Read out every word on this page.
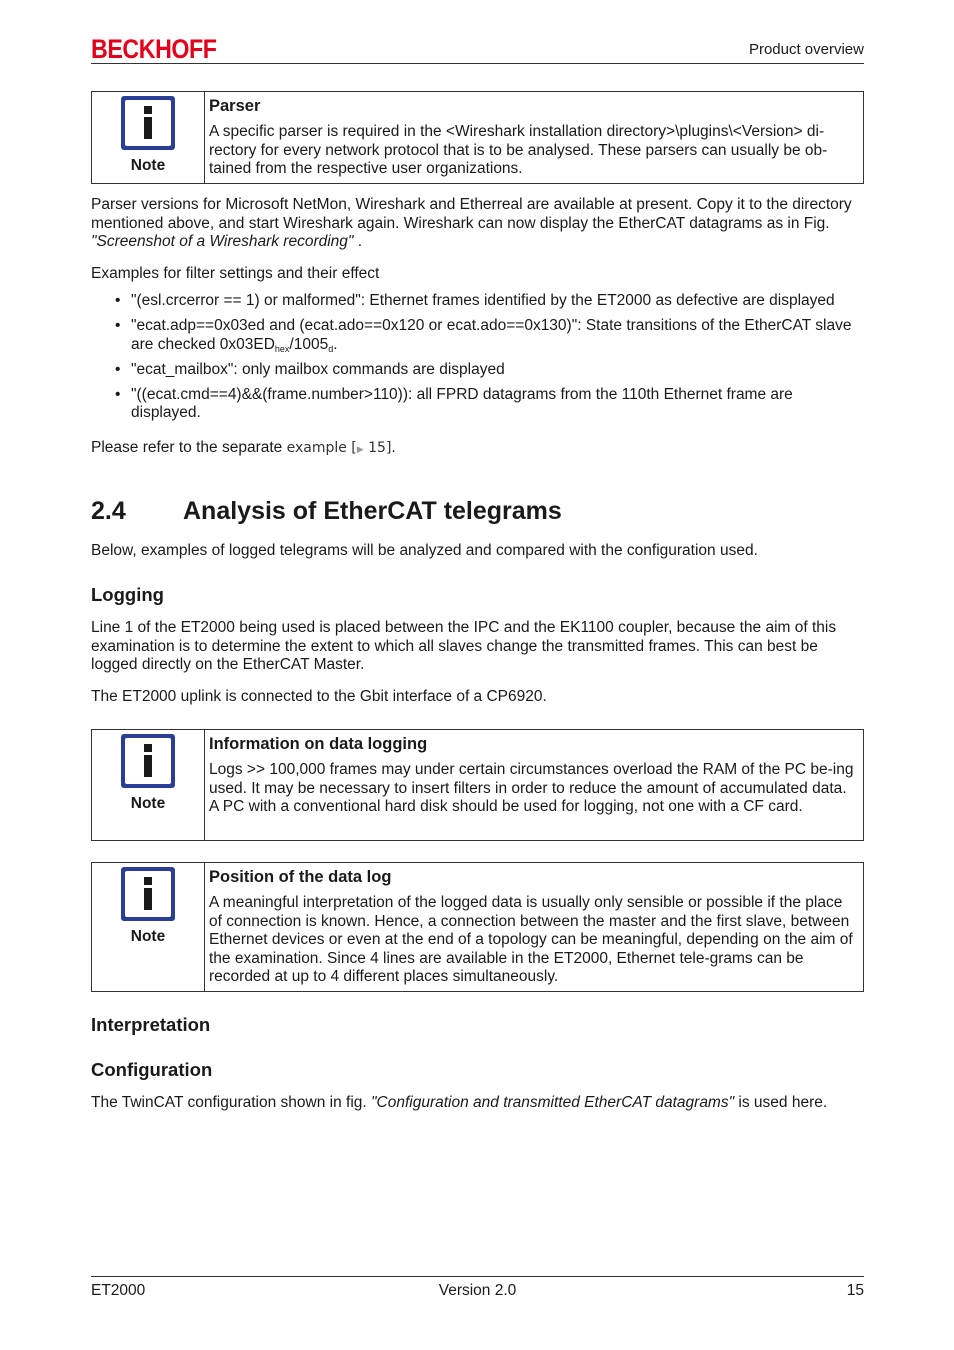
BECKHOFF	Product overview
Note
Parser
A specific parser is required in the <Wireshark installation directory>\plugins\<Version> di-rectory for every network protocol that is to be analysed. These parsers can usually be ob-tained from the respective user organizations.
Parser versions for Microsoft NetMon, Wireshark and Etherreal are available at present. Copy it to the directory mentioned above, and start Wireshark again. Wireshark can now display the EtherCAT datagrams as in Fig. "Screenshot of a Wireshark recording" .
Examples for filter settings and their effect
• "(esl.crcerror == 1) or malformed": Ethernet frames identified by the ET2000 as defective are displayed
• "ecat.adp==0x03ed and (ecat.ado==0x120 or ecat.ado==0x130)": State transitions of the EtherCAT slave are checked $0x03ED_{hex}/1005_d$.
• "ecat_mailbox": only mailbox commands are displayed
• "((ecat.cmd==4)&&(frame.number>110)): all FPRD datagrams from the 110th Ethernet frame are displayed.
Please refer to the separate example [▶ 15].
2.4 Analysis of EtherCAT telegrams
Below, examples of logged telegrams will be analyzed and compared with the configuration used.
Logging
Line 1 of the ET2000 being used is placed between the IPC and the EK1100 coupler, because the aim of this examination is to determine the extent to which all slaves change the transmitted frames. This can best be logged directly on the EtherCAT Master.
The ET2000 uplink is connected to the Gbit interface of a CP6920.
Note
Information on data logging
Logs >> 100,000 frames may under certain circumstances overload the RAM of the PC be-ing used. It may be necessary to insert filters in order to reduce the amount of accumulated data. A PC with a conventional hard disk should be used for logging, not one with a CF card.
Note
Position of the data log
A meaningful interpretation of the logged data is usually only sensible or possible if the place of connection is known. Hence, a connection between the master and the first slave, between Ethernet devices or even at the end of a topology can be meaningful, depending on the aim of the examination. Since 4 lines are available in the ET2000, Ethernet tele-grams can be recorded at up to 4 different places simultaneously.
Interpretation
Configuration
The TwinCAT configuration shown in fig. "Configuration and transmitted EtherCAT datagrams" is used here.
ET2000	Version 2.0	15
